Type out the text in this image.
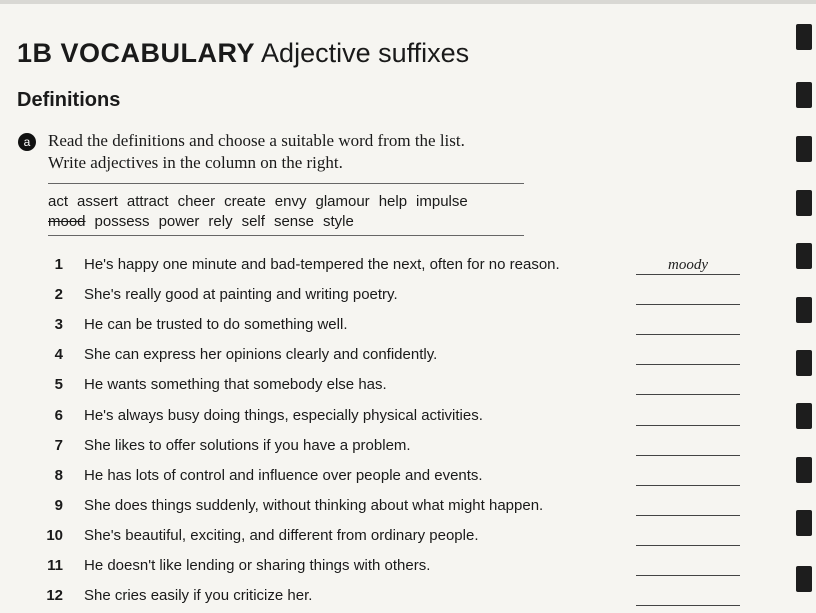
1B VOCABULARY Adjective suffixes
Definitions
a	Read the definitions and choose a suitable word from the list.
Write adjectives in the column on the right.
act assert attract cheer create envy glamour help impulse
mood possess power rely self sense style
1 He's happy one minute and bad-tempered the next, often for no reason.
moody
2 She's really good at painting and writing poetry.
3 He can be trusted to do something well.
4 She can express her opinions clearly and confidently.
5 He wants something that somebody else has.
6 He's always busy doing things, especially physical activities.
7 She likes to offer solutions if you have a problem.
8 He has lots of control and influence over people and events.
9 She does things suddenly, without thinking about what might happen.
10 She's beautiful, exciting, and different from ordinary people.
11 He doesn't like lending or sharing things with others.
12 She cries easily if you criticize her.
